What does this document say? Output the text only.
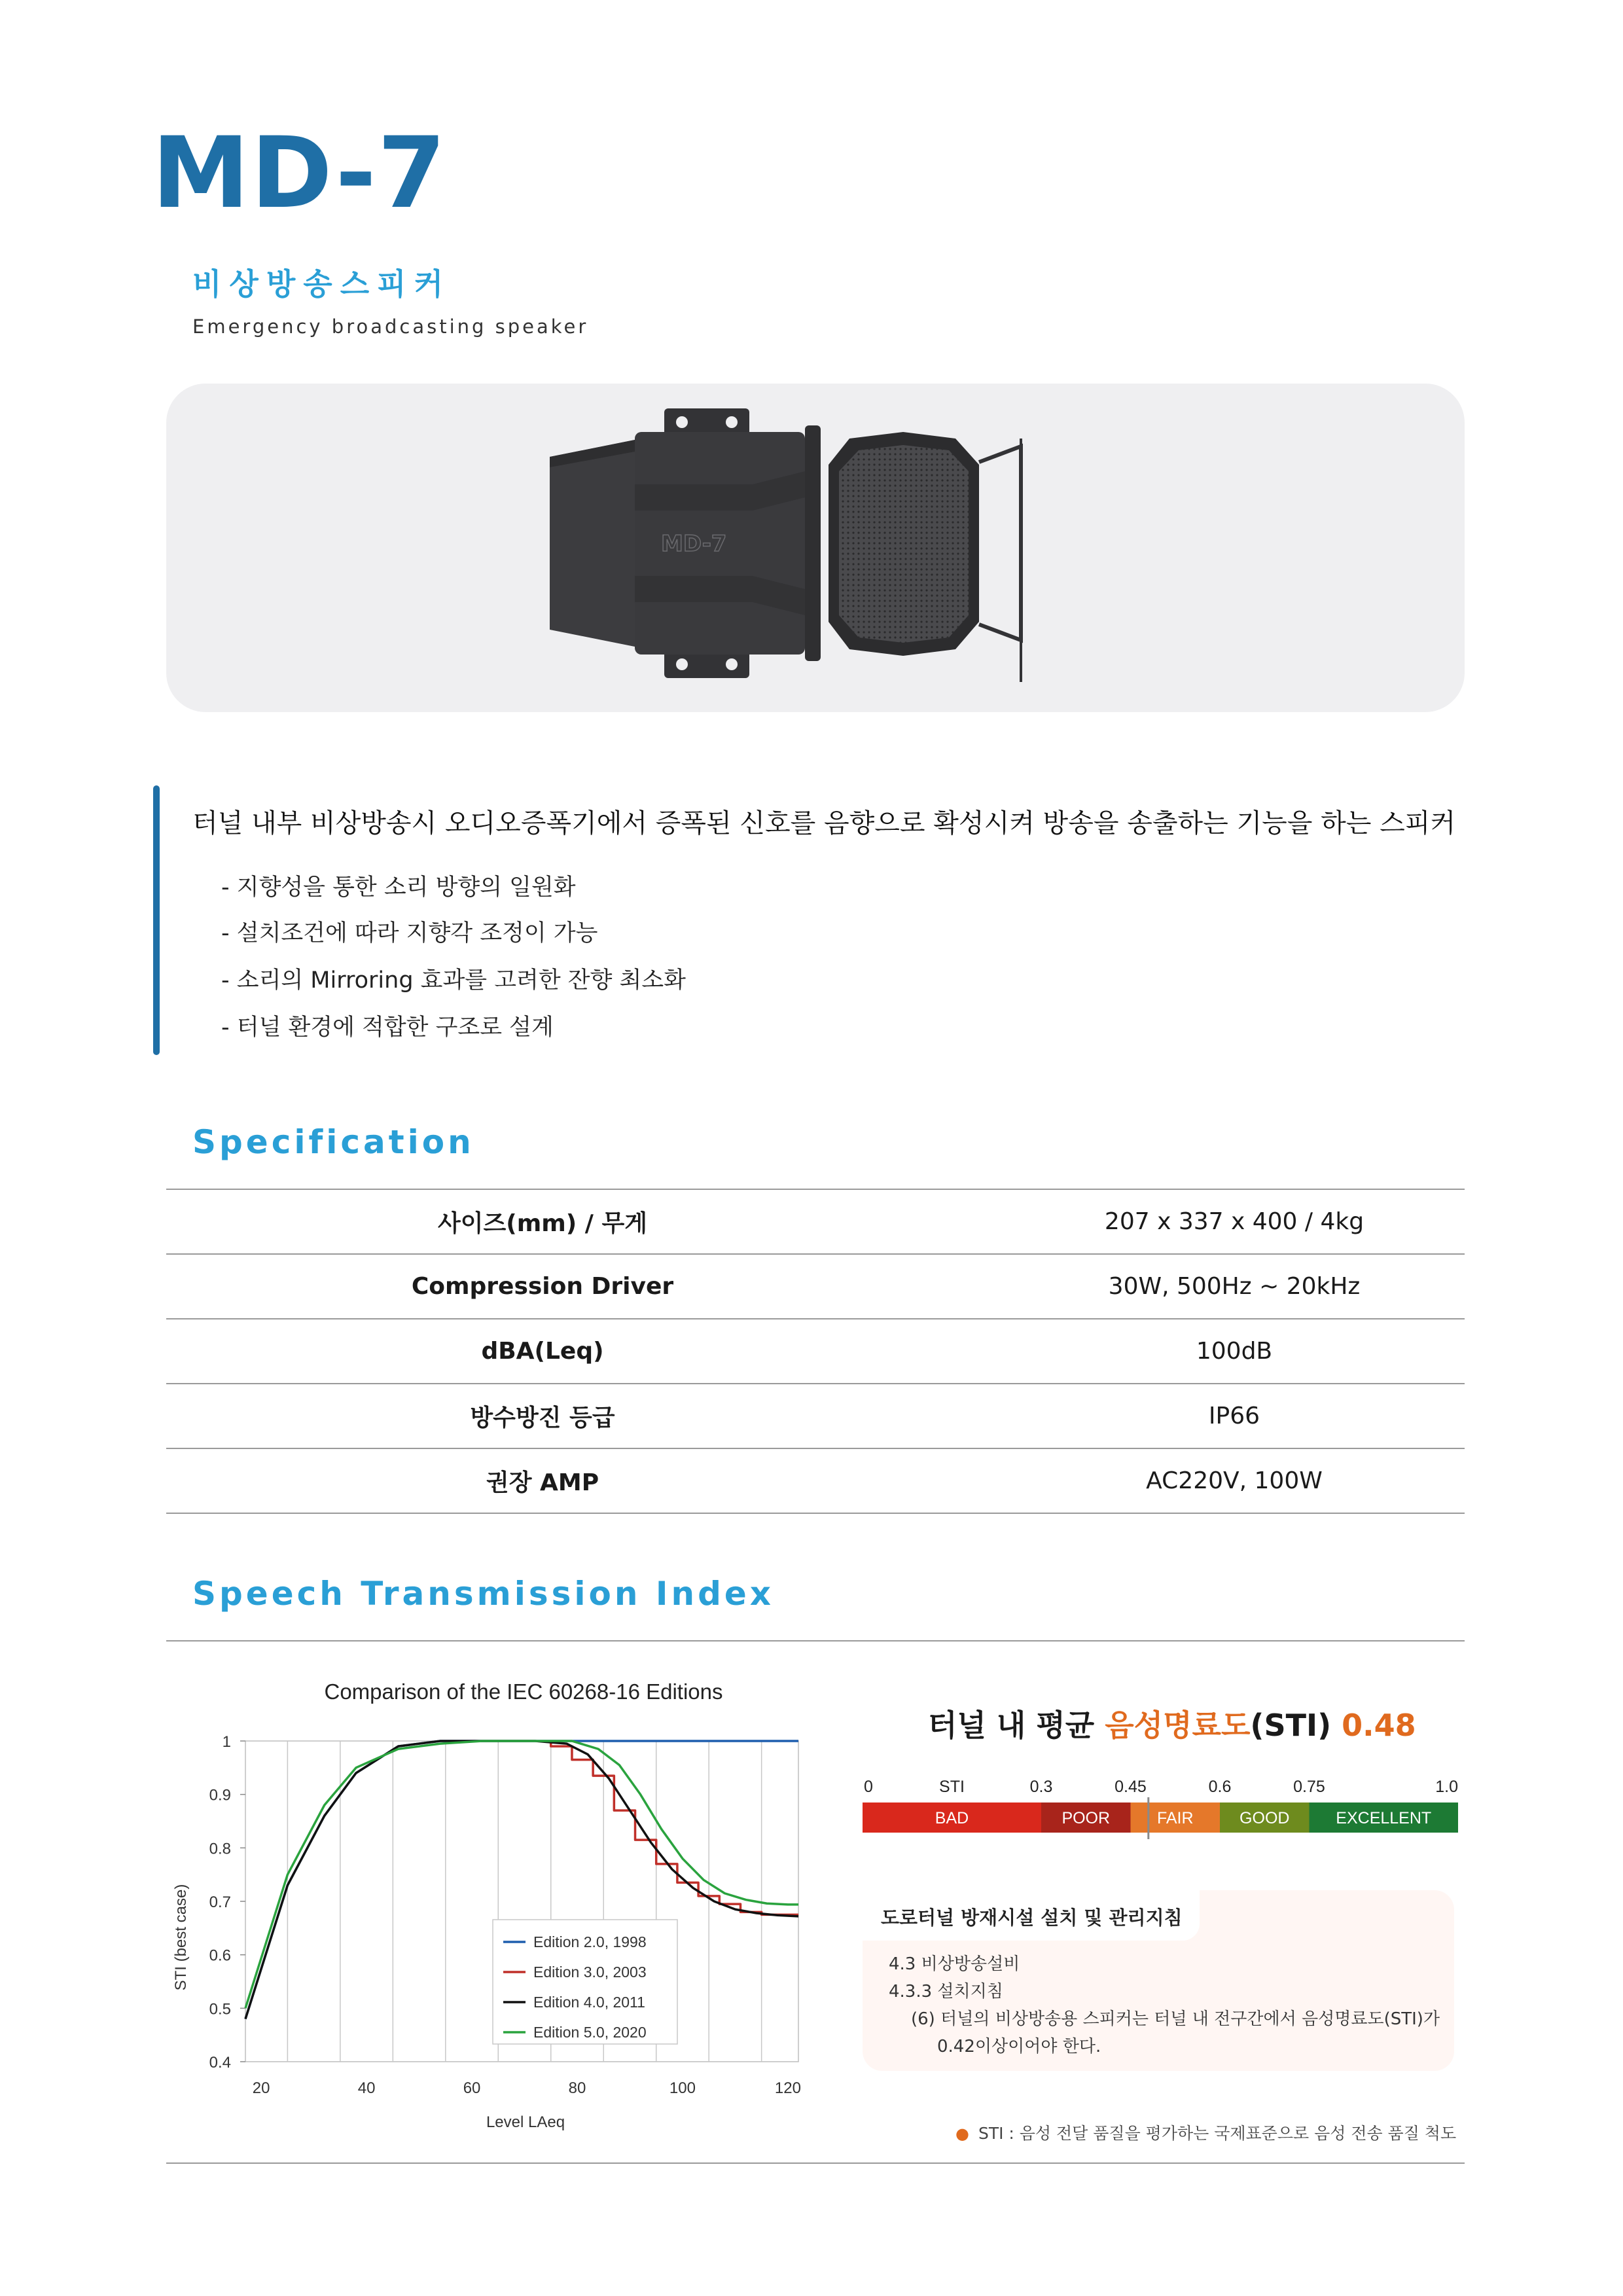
MD-7
비상방송스피커
Emergency broadcasting speaker
MD-7
터널 내부 비상방송시 오디오증폭기에서 증폭된 신호를 음향으로 확성시켜 방송을 송출하는 기능을 하는 스피커
- 지향성을 통한 소리 방향의 일원화
- 설치조건에 따라 지향각 조정이 가능
- 소리의 Mirroring 효과를 고려한 잔향 최소화
- 터널 환경에 적합한 구조로 설계
Specification
사이즈(mm) / 무게	207 x 337 x 400 / 4kg
Compression Driver	30W, 500Hz ~ 20kHz
dBA(Leq)	100dB
방수방진 등급	IP66
권장 AMP	AC220V, 100W
Speech Transmission Index
Comparison of the IEC 60268-16 Editions
0.4
0.5
0.6
0.7
0.8
0.9
1
20	40	60	80	100	120
STI (best case)
Level LAeq
Edition 2.0, 1998
Edition 3.0, 2003
Edition 4.0, 2011
Edition 5.0, 2020
터널 내 평균 음성명료도(STI) 0.48
0	STI	0.3	0.45	0.6	0.75	1.0
BAD	POOR	FAIR	GOOD	EXCELLENT
도로터널 방재시설 설치 및 관리지침
4.3 비상방송설비
4.3.3 설치지침
(6) 터널의 비상방송용 스피커는 터널 내 전구간에서 음성명료도(STI)가
0.42이상이어야 한다.
● STI : 음성 전달 품질을 평가하는 국제표준으로 음성 전송 품질 척도
